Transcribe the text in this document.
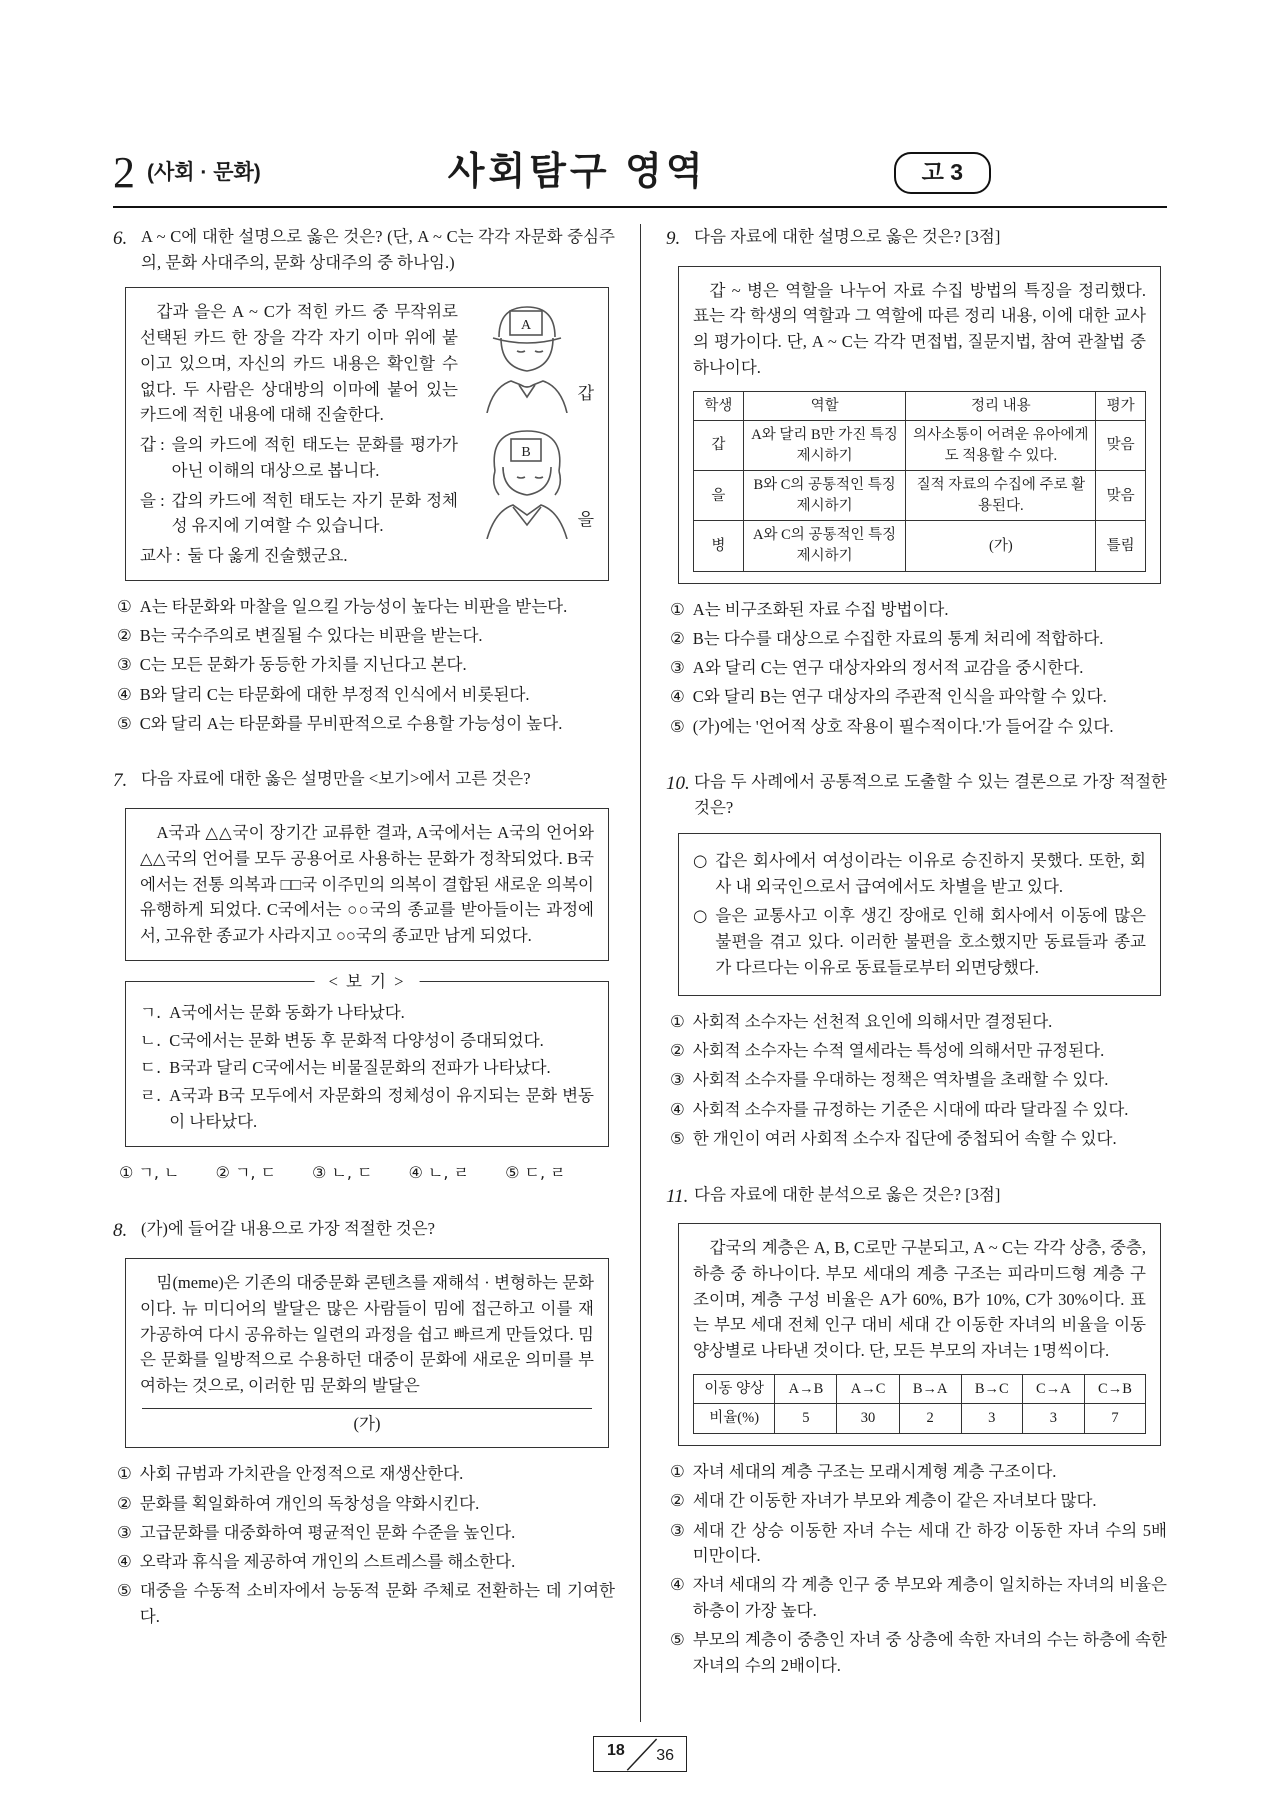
2 (사회 · 문화)	사회탐구 영역	고 3
6. A ~ C에 대한 설명으로 옳은 것은? (단, A ~ C는 각각 자문화 중심주의, 문화 사대주의, 문화 상대주의 중 하나임.)

A
갑
B
을

갑과 을은 A ~ C가 적힌 카드 중 무작위로 선택된 카드 한 장을 각각 자기 이마 위에 붙이고 있으며, 자신의 카드 내용은 확인할 수 없다. 두 사람은 상대방의 이마에 붙어 있는 카드에 적힌 내용에 대해 진술한다.

갑 : 을의 카드에 적힌 태도는 문화를 평가가 아닌 이해의 대상으로 봅니다.

을 : 갑의 카드에 적힌 태도는 자기 문화 정체성 유지에 기여할 수 있습니다.

교사 : 둘 다 옳게 진술했군요.

① A는 타문화와 마찰을 일으킬 가능성이 높다는 비판을 받는다.
② B는 국수주의로 변질될 수 있다는 비판을 받는다.
③ C는 모든 문화가 동등한 가치를 지닌다고 본다.
④ B와 달리 C는 타문화에 대한 부정적 인식에서 비롯된다.
⑤ C와 달리 A는 타문화를 무비판적으로 수용할 가능성이 높다.
7. 다음 자료에 대한 옳은 설명만을 <보기>에서 고른 것은?

A국과 △△국이 장기간 교류한 결과, A국에서는 A국의 언어와 △△국의 언어를 모두 공용어로 사용하는 문화가 정착되었다. B국에서는 전통 의복과 □□국 이주민의 의복이 결합된 새로운 의복이 유행하게 되었다. C국에서는 ○○국의 종교를 받아들이는 과정에서, 고유한 종교가 사라지고 ○○국의 종교만 남게 되었다.

< 보 기 >
ㄱ. A국에서는 문화 동화가 나타났다.
ㄴ. C국에서는 문화 변동 후 문화적 다양성이 증대되었다.
ㄷ. B국과 달리 C국에서는 비물질문화의 전파가 나타났다.
ㄹ. A국과 B국 모두에서 자문화의 정체성이 유지되는 문화 변동이 나타났다.
① ㄱ, ㄴ ② ㄱ, ㄷ ③ ㄴ, ㄷ ④ ㄴ, ㄹ ⑤ ㄷ, ㄹ
8. (가)에 들어갈 내용으로 가장 적절한 것은?

밈(meme)은 기존의 대중문화 콘텐츠를 재해석 · 변형하는 문화이다. 뉴 미디어의 발달은 많은 사람들이 밈에 접근하고 이를 재가공하여 다시 공유하는 일련의 과정을 쉽고 빠르게 만들었다. 밈은 문화를 일방적으로 수용하던 대중이 문화에 새로운 의미를 부여하는 것으로, 이러한 밈 문화의 발달은

(가)

① 사회 규범과 가치관을 안정적으로 재생산한다.
② 문화를 획일화하여 개인의 독창성을 약화시킨다.
③ 고급문화를 대중화하여 평균적인 문화 수준을 높인다.
④ 오락과 휴식을 제공하여 개인의 스트레스를 해소한다.
⑤ 대중을 수동적 소비자에서 능동적 문화 주체로 전환하는 데 기여한다.
9. 다음 자료에 대한 설명으로 옳은 것은? [3점]

갑 ~ 병은 역할을 나누어 자료 수집 방법의 특징을 정리했다. 표는 각 학생의 역할과 그 역할에 따른 정리 내용, 이에 대한 교사의 평가이다. 단, A ~ C는 각각 면접법, 질문지법, 참여 관찰법 중 하나이다.

학생	역할	정리 내용	평가
갑	A와 달리 B만 가진 특징 제시하기	의사소통이 어려운 유아에게도 적용할 수 있다.	맞음
을	B와 C의 공통적인 특징 제시하기	질적 자료의 수집에 주로 활용된다.	맞음
병	A와 C의 공통적인 특징 제시하기	(가)	틀림
① A는 비구조화된 자료 수집 방법이다.
② B는 다수를 대상으로 수집한 자료의 통계 처리에 적합하다.
③ A와 달리 C는 연구 대상자와의 정서적 교감을 중시한다.
④ C와 달리 B는 연구 대상자의 주관적 인식을 파악할 수 있다.
⑤ (가)에는 '언어적 상호 작용이 필수적이다.'가 들어갈 수 있다.
10. 다음 두 사례에서 공통적으로 도출할 수 있는 결론으로 가장 적절한 것은?

○ 갑은 회사에서 여성이라는 이유로 승진하지 못했다. 또한, 회사 내 외국인으로서 급여에서도 차별을 받고 있다.
○ 을은 교통사고 이후 생긴 장애로 인해 회사에서 이동에 많은 불편을 겪고 있다. 이러한 불편을 호소했지만 동료들과 종교가 다르다는 이유로 동료들로부터 외면당했다.
① 사회적 소수자는 선천적 요인에 의해서만 결정된다.
② 사회적 소수자는 수적 열세라는 특성에 의해서만 규정된다.
③ 사회적 소수자를 우대하는 정책은 역차별을 초래할 수 있다.
④ 사회적 소수자를 규정하는 기준은 시대에 따라 달라질 수 있다.
⑤ 한 개인이 여러 사회적 소수자 집단에 중첩되어 속할 수 있다.
11. 다음 자료에 대한 분석으로 옳은 것은? [3점]

갑국의 계층은 A, B, C로만 구분되고, A ~ C는 각각 상층, 중층, 하층 중 하나이다. 부모 세대의 계층 구조는 피라미드형 계층 구조이며, 계층 구성 비율은 A가 60%, B가 10%, C가 30%이다. 표는 부모 세대 전체 인구 대비 세대 간 이동한 자녀의 비율을 이동 양상별로 나타낸 것이다. 단, 모든 부모의 자녀는 1명씩이다.

이동 양상	A→B	A→C	B→A	B→C	C→A	C→B
비율(%)	5	30	2	3	3	7
① 자녀 세대의 계층 구조는 모래시계형 계층 구조이다.
② 세대 간 이동한 자녀가 부모와 계층이 같은 자녀보다 많다.
③ 세대 간 상승 이동한 자녀 수는 세대 간 하강 이동한 자녀 수의 5배 미만이다.
④ 자녀 세대의 각 계층 인구 중 부모와 계층이 일치하는 자녀의 비율은 하층이 가장 높다.
⑤ 부모의 계층이 중층인 자녀 중 상층에 속한 자녀의 수는 하층에 속한 자녀의 수의 2배이다.
18 36
